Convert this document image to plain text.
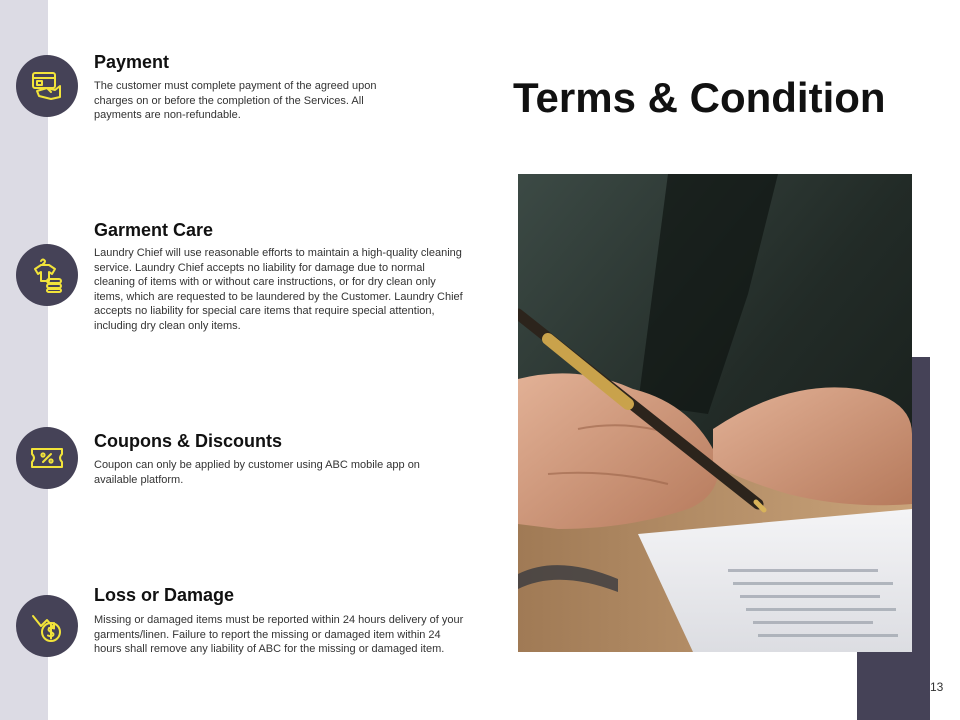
Terms & Condition
Payment
The customer must complete payment of the agreed upon charges on or before the completion of the Services. All payments are non-refundable.
Garment Care
Laundry Chief will use reasonable efforts to maintain a high-quality cleaning service. Laundry Chief accepts no liability for damage due to normal cleaning of items with or without care instructions, or for dry clean only items, which are requested to be laundered by the Customer. Laundry Chief accepts no liability for special care items that require special attention, including dry clean only items.
Coupons & Discounts
Coupon can only be applied by customer using ABC mobile app on available platform.
Loss or Damage
Missing or damaged items must be reported within 24 hours delivery of your garments/linen. Failure to report the missing or damaged item within 24 hours shall remove any liability of ABC for the missing or damaged item.
13
